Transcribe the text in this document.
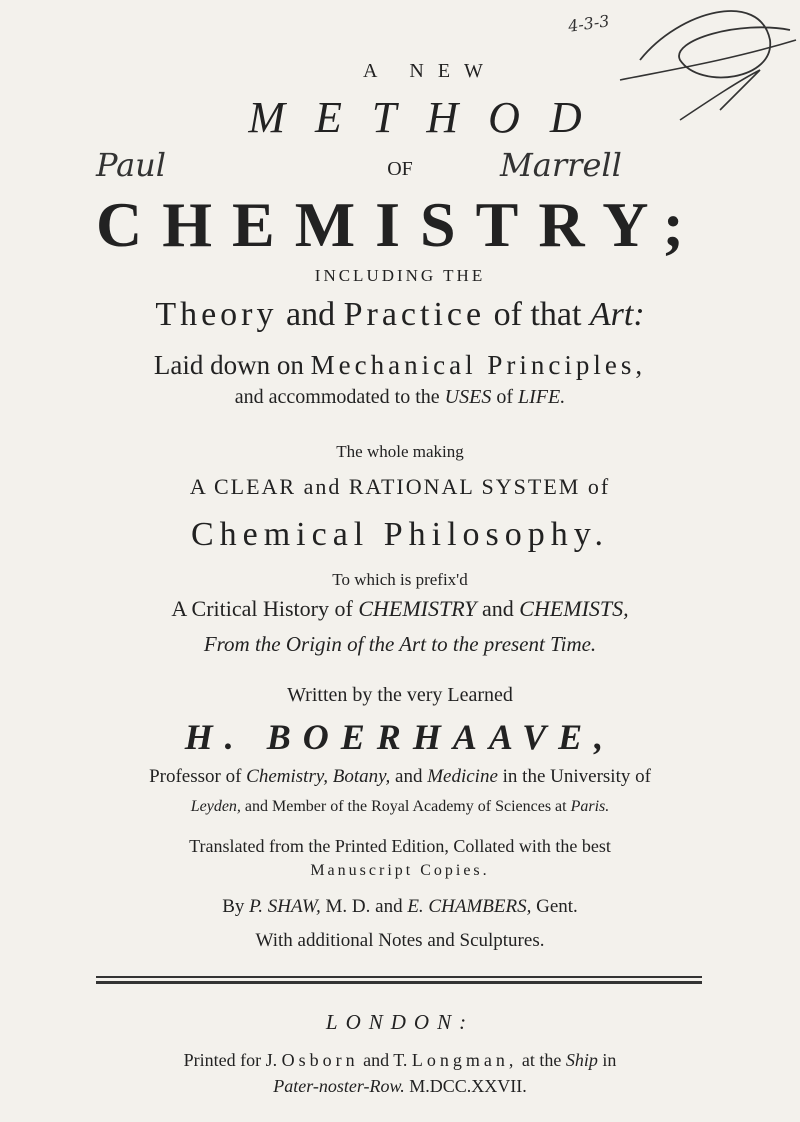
4-3-3
A NEW
METHOD
Paul	OF	Marrell
CHEMISTRY;
INCLUDING THE
Theory and Practice of that Art:
Laid down on Mechanical Principles,
and accommodated to the USES of LIFE.
The whole making
A CLEAR and RATIONAL SYSTEM of
Chemical Philosophy.
To which is prefix'd
A Critical History of CHEMISTRY and CHEMISTS,
From the Origin of the Art to the present Time.
Written by the very Learned
H. BOERHAAVE,
Professor of Chemistry, Botany, and Medicine in the University of
Leyden, and Member of the Royal Academy of Sciences at Paris.
Translated from the Printed Edition, Collated with the best
Manuscript Copies.
By P. SHAW, M. D. and E. CHAMBERS, Gent.
With additional Notes and Sculptures.
LONDON:
Printed for J. Osborn and T. Longman, at the Ship in
Pater-noster-Row. M.DCC.XXVII.
